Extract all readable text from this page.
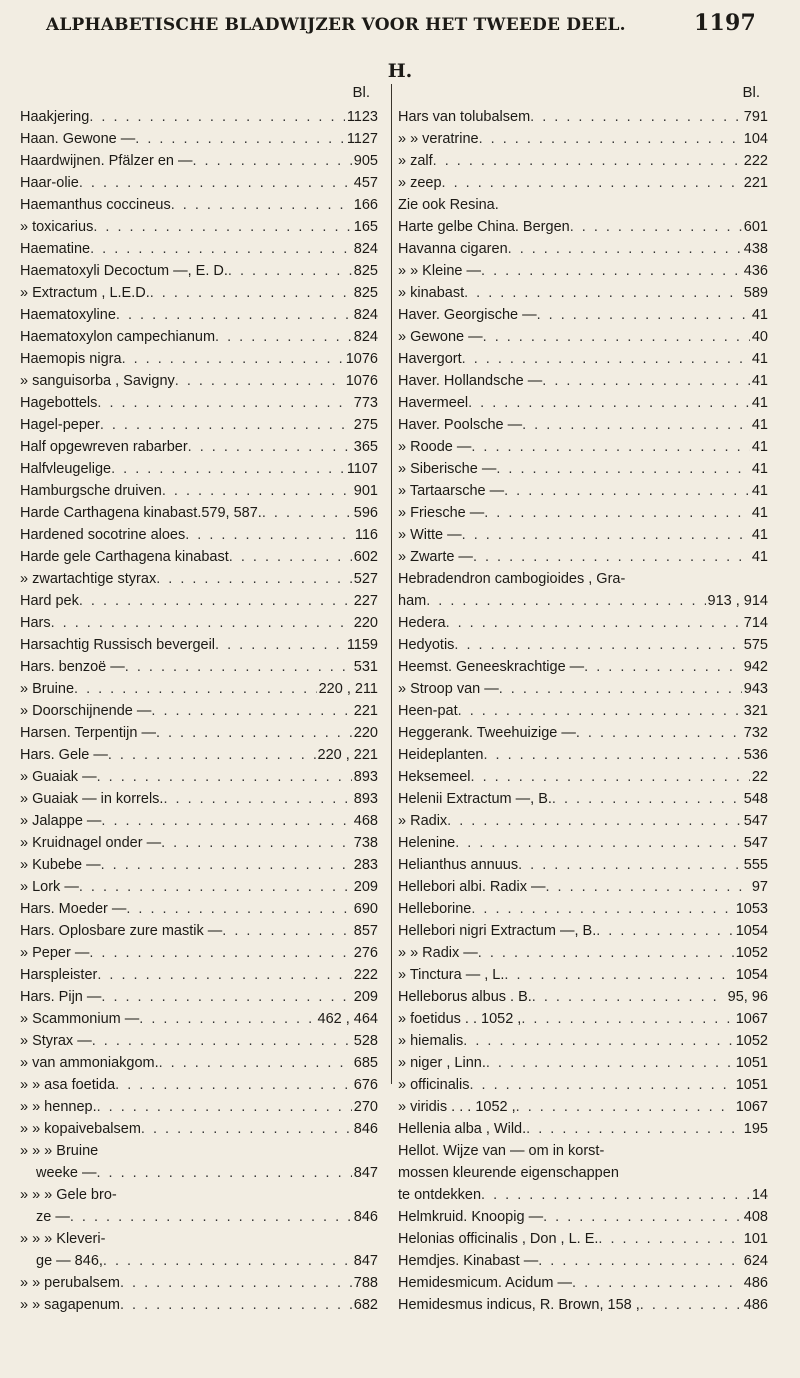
ALPHABETISCHE BLADWIJZER VOOR HET TWEEDE DEEL.	1197
H.
Bl.
Haakjering . . .	1123
Haan. Gewone — . . .	1127
Haardwijnen. Pfälzer en — . . .	905
Haar-olie . . .	457
Haemanthus coccineus . . .	166
» toxicarius . . .	165
Haematine . . .	824
Haematoxyli Decoctum —, E. D. . . .	825
» Extractum , L.E.D. . . .	825
Haematoxyline . . .	824
Haematoxylon campechianum . . .	824
Haemopis nigra . . .	1076
» sanguisorba , Savigny . . .	1076
Hagebottels . . .	773
Hagel-peper . . .	275
Half opgewreven rabarber . . .	365
Halfvleugelige . . .	1107
Hamburgsche druiven . . .	901
Harde Carthagena kinabast.579, 587. . . .	596
Hardened socotrine aloes . . .	116
Harde gele Carthagena kinabast . . .	602
» zwartachtige styrax . . .	527
Hard pek . . .	227
Hars . . .	220
Harsachtig Russisch bevergeil . . .	1159
Hars. benzoë — . . .	531
» Bruine . . .	220 , 211
» Doorschijnende — . . .	221
Harsen. Terpentijn — . . .	220
Hars. Gele — . . .	220 , 221
» Guaiak — . . .	893
» Guaiak — in korrels. . . .	893
» Jalappe — . . .	468
» Kruidnagel onder — . . .	738
» Kubebe — . . .	283
» Lork — . . .	209
Hars. Moeder — . . .	690
Hars. Oplosbare zure mastik — . . .	857
» Peper — . . .	276
Harspleister . . .	222
Hars. Pijn — . . .	209
» Scammonium — . . .	462 , 464
» Styrax — . . .	528
» van ammoniakgom. . . .	685
» » asa foetida . . .	676
» » hennep. . . .	270
» » kopaivebalsem . . .	846
» » » Bruine
weeke — . . .	847
» » » Gele bro-
ze — . . .	846
» » » Kleveri-
ge — 846, . . .	847
» » perubalsem . . .	788
» » sagapenum . . .	682
Bl.
Hars van tolubalsem . . .	791
» » veratrine . . .	104
» zalf . . .	222
» zeep . . .	221
Zie ook Resina.
Harte gelbe China. Bergen . . .	601
Havanna cigaren . . .	438
» » Kleine — . . .	436
» kinabast . . .	589
Haver. Georgische — . . .	41
» Gewone — . . .	40
Havergort . . .	41
Haver. Hollandsche — . . .	41
Havermeel . . .	41
Haver. Poolsche — . . .	41
» Roode — . . .	41
» Siberische — . . .	41
» Tartaarsche — . . .	41
» Friesche — . . .	41
» Witte — . . .	41
» Zwarte — . . .	41
Hebradendron cambogioides , Gra-
ham . . .	913 , 914
Hedera . . .	714
Hedyotis . . .	575
Heemst. Geneeskrachtige — . . .	942
» Stroop van — . . .	943
Heen-pat . . .	321
Heggerank. Tweehuizige — . . .	732
Heideplanten . . .	536
Heksemeel . . .	22
Helenii Extractum —, B. . . .	548
» Radix . . .	547
Helenine . . .	547
Helianthus annuus . . .	555
Hellebori albi. Radix — . . .	97
Helleborine . . .	1053
Hellebori nigri Extractum —, B. . . .	1054
» » Radix — . . .	1052
» Tinctura — , L. . . .	1054
Helleborus albus . B. . . .	95, 96
» foetidus . . 1052 , . . .	1067
» hiemalis . . .	1052
» niger , Linn. . . .	1051
» officinalis . . .	1051
» viridis . . . 1052 , . . .	1067
Hellenia alba , Wild. . . .	195
Hellot. Wijze van — om in korst-
mossen kleurende eigenschappen
te ontdekken . . .	14
Helmkruid. Knoopig — . . .	408
Helonias officinalis , Don , L. E. . . .	101
Hemdjes. Kinabast — . . .	624
Hemidesmicum. Acidum — . . .	486
Hemidesmus indicus, R. Brown, 158 , . . .	486
